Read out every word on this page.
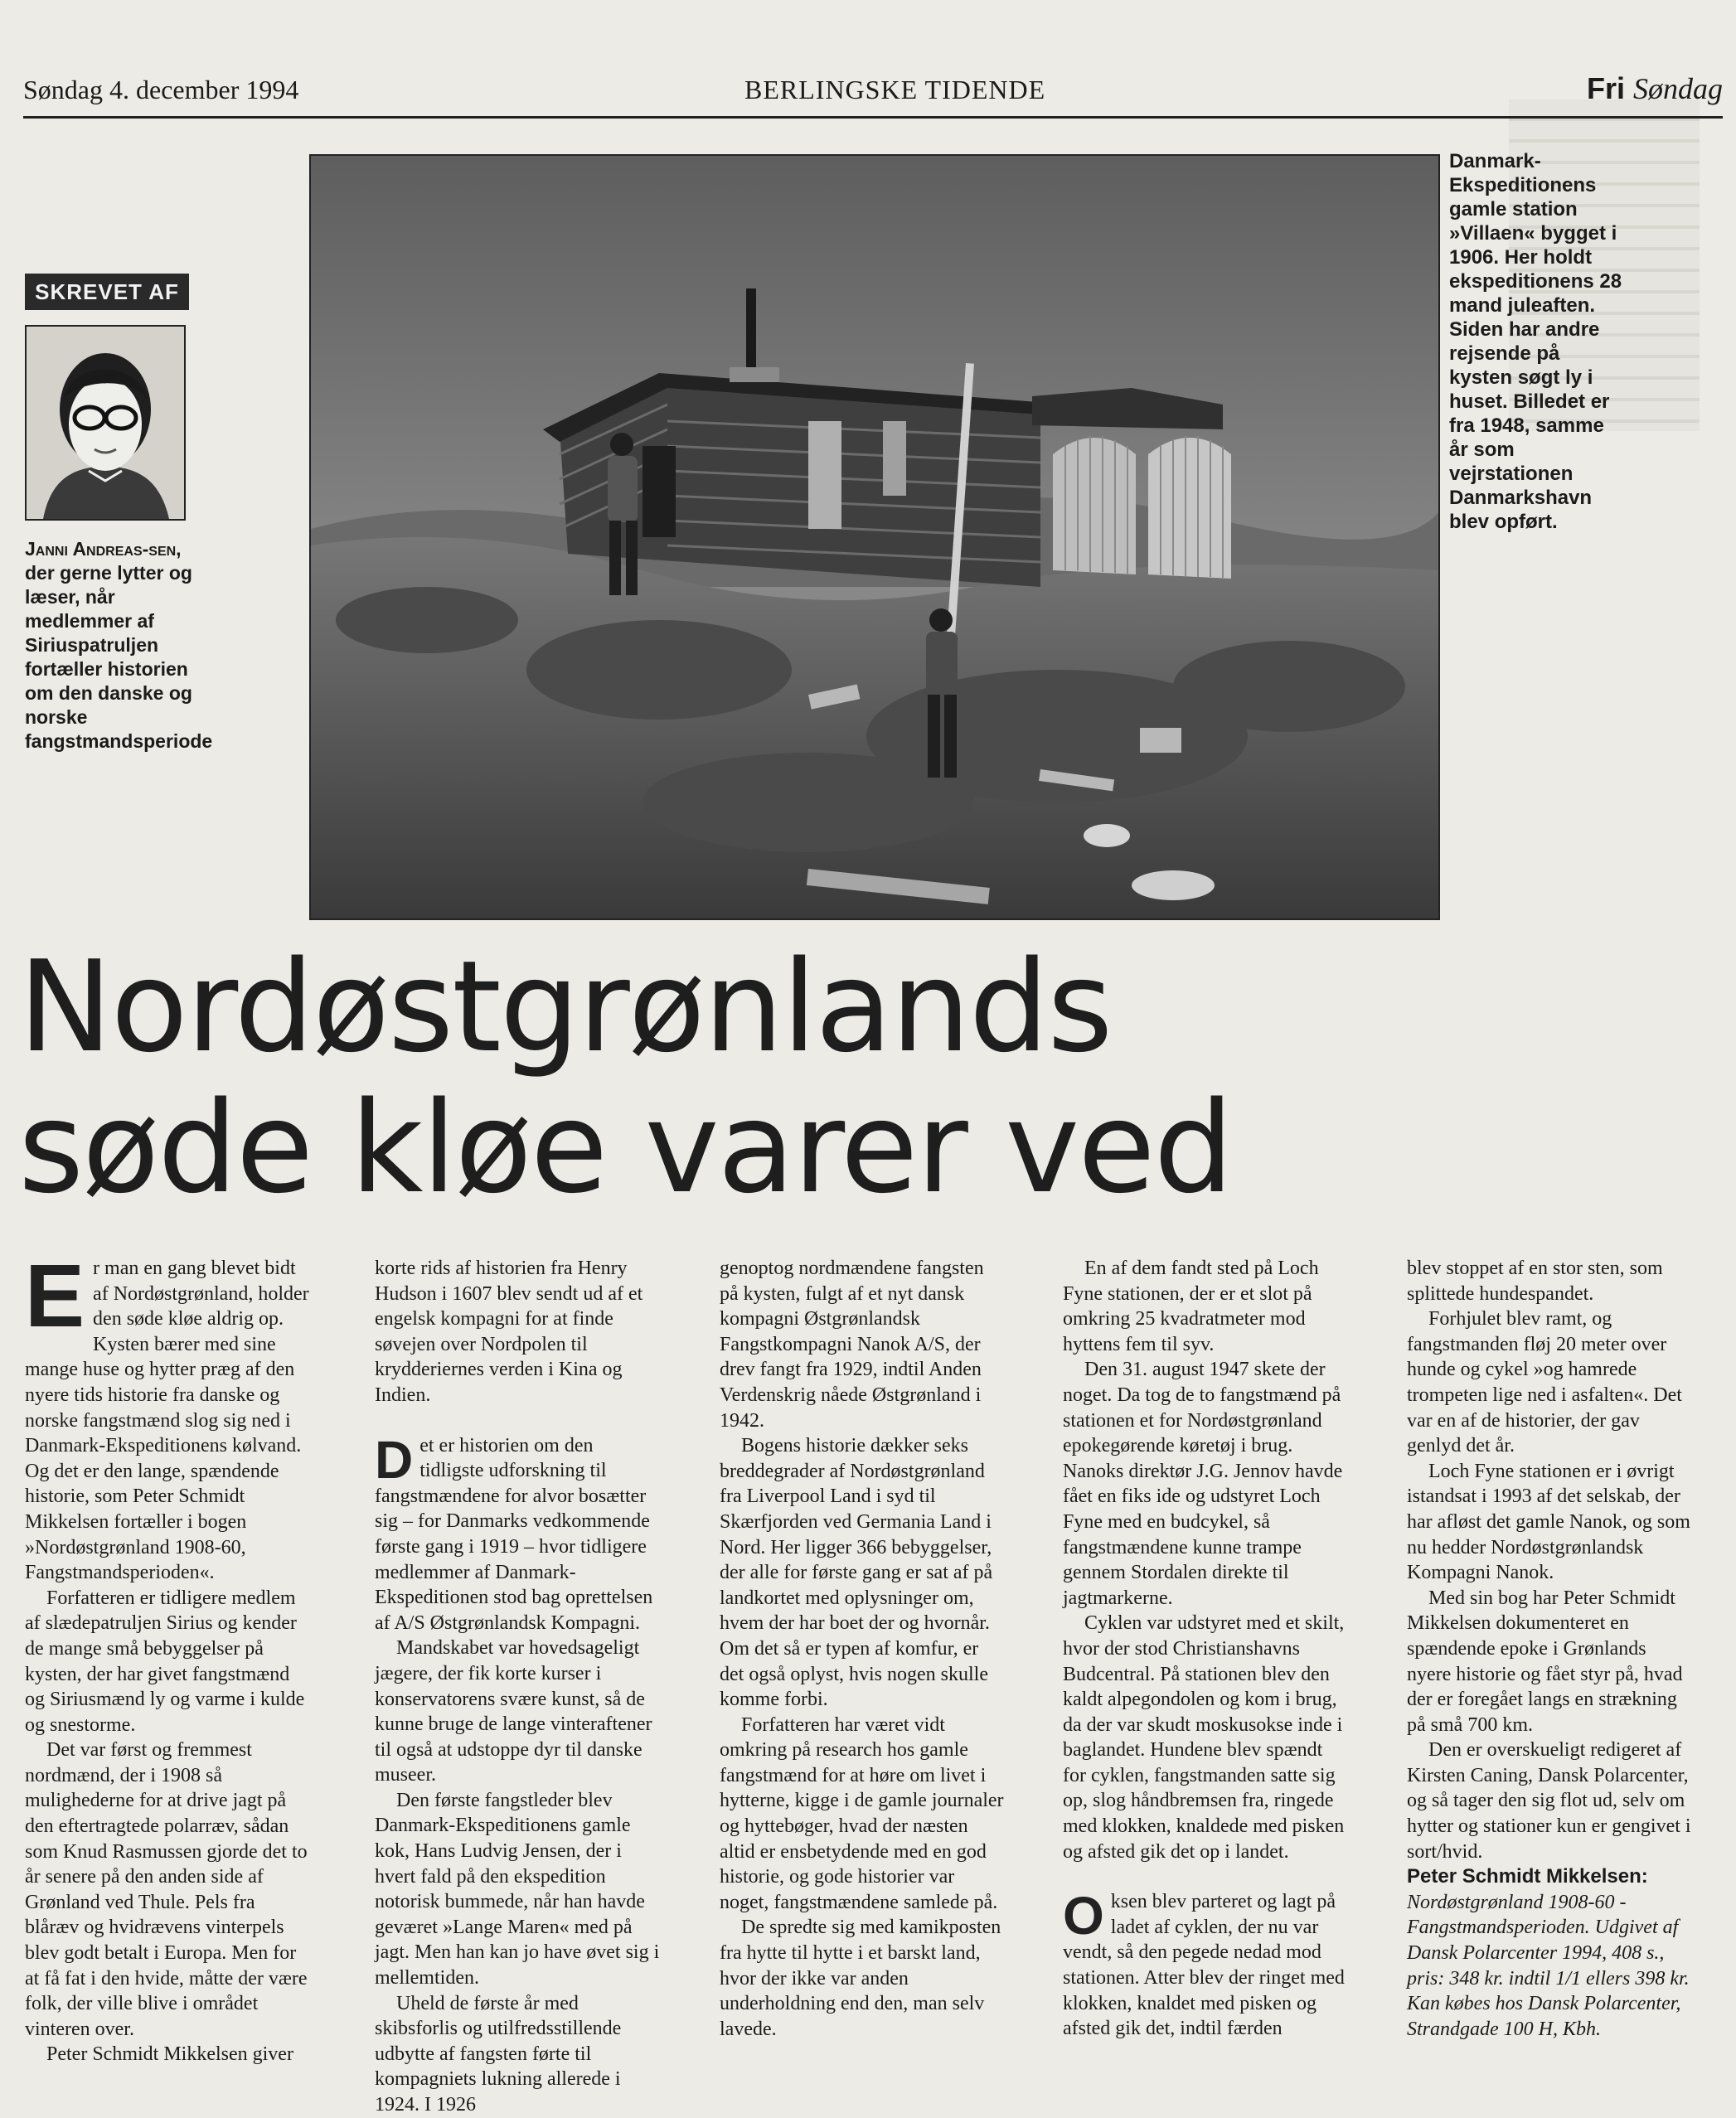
Søndag 4. december 1994	BERLINGSKE TIDENDE	Fri Søndag
SKREVET AF
Janni Andreas-sen, der gerne lytter og læser, når medlemmer af Siriuspatruljen fortæller historien om den danske og norske fangstmandsperiode
Danmark-Ekspeditionens gamle station »Villaen« bygget i 1906. Her holdt ekspeditionens 28 mand juleaften. Siden har andre rejsende på kysten søgt ly i huset. Billedet er fra 1948, samme år som vejrstationen Danmarkshavn blev opført.
Nordøstgrønlands
søde kløe varer ved

Er man en gang blevet bidt af Nordøstgrønland, holder den søde kløe aldrig op. Kysten bærer med sine mange huse og hytter præg af den nyere tids historie fra danske og norske fangstmænd slog sig ned i Danmark-Ekspeditionens kølvand. Og det er den lange, spændende historie, som Peter Schmidt Mikkelsen fortæller i bogen »Nordøstgrønland 1908-60, Fangstmandsperioden«.

Forfatteren er tidligere medlem af slædepatruljen Sirius og kender de mange små bebyggelser på kysten, der har givet fangstmænd og Siriusmænd ly og varme i kulde og snestorme.

Det var først og fremmest nordmænd, der i 1908 så mulighederne for at drive jagt på den eftertragtede polarræv, sådan som Knud Rasmussen gjorde det to år senere på den anden side af Grønland ved Thule. Pels fra blåræv og hvidrævens vinterpels blev godt betalt i Europa. Men for at få fat i den hvide, måtte der være folk, der ville blive i området vinteren over.

Peter Schmidt Mikkelsen giver

korte rids af historien fra Henry Hudson i 1607 blev sendt ud af et engelsk kompagni for at finde søvejen over Nordpolen til krydderiernes verden i Kina og Indien.

Det er historien om den tidligste udforskning til fangstmændene for alvor bosætter sig – for Danmarks vedkommende første gang i 1919 – hvor tidligere medlemmer af Danmark-Ekspeditionen stod bag oprettelsen af A/S Østgrønlandsk Kompagni.

Mandskabet var hovedsageligt jægere, der fik korte kurser i konservatorens svære kunst, så de kunne bruge de lange vinteraftener til også at udstoppe dyr til danske museer.

Den første fangstleder blev Danmark-Ekspeditionens gamle kok, Hans Ludvig Jensen, der i hvert fald på den ekspedition notorisk bummede, når han havde geværet »Lange Maren« med på jagt. Men han kan jo have øvet sig i mellemtiden.

Uheld de første år med skibsforlis og utilfredsstillende udbytte af fangsten førte til kompagniets lukning allerede i 1924. I 1926

genoptog nordmændene fangsten på kysten, fulgt af et nyt dansk kompagni Østgrønlandsk Fangstkompagni Nanok A/S, der drev fangt fra 1929, indtil Anden Verdenskrig nåede Østgrønland i 1942.

Bogens historie dækker seks breddegrader af Nordøstgrønland fra Liverpool Land i syd til Skærfjorden ved Germania Land i Nord. Her ligger 366 bebyggelser, der alle for første gang er sat af på landkortet med oplysninger om, hvem der har boet der og hvornår. Om det så er typen af komfur, er det også oplyst, hvis nogen skulle komme forbi.

Forfatteren har været vidt omkring på research hos gamle fangstmænd for at høre om livet i hytterne, kigge i de gamle journaler og hyttebøger, hvad der næsten altid er ensbetydende med en god historie, og gode historier var noget, fangstmændene samlede på.

De spredte sig med kamikposten fra hytte til hytte i et barskt land, hvor der ikke var anden underholdning end den, man selv lavede.

En af dem fandt sted på Loch Fyne stationen, der er et slot på omkring 25 kvadratmeter mod hyttens fem til syv.

Den 31. august 1947 skete der noget. Da tog de to fangstmænd på stationen et for Nordøstgrønland epokegørende køretøj i brug. Nanoks direktør J.G. Jennov havde fået en fiks ide og udstyret Loch Fyne med en budcykel, så fangstmændene kunne trampe gennem Stordalen direkte til jagtmarkerne.

Cyklen var udstyret med et skilt, hvor der stod Christianshavns Budcentral. På stationen blev den kaldt alpegondolen og kom i brug, da der var skudt moskusokse inde i baglandet. Hundene blev spændt for cyklen, fangstmanden satte sig op, slog håndbremsen fra, ringede med klokken, knaldede med pisken og afsted gik det op i landet.

Oksen blev parteret og lagt på ladet af cyklen, der nu var vendt, så den pegede nedad mod stationen. Atter blev der ringet med klokken, knaldet med pisken og afsted gik det, indtil færden

blev stoppet af en stor sten, som splittede hundespandet.

Forhjulet blev ramt, og fangstmanden fløj 20 meter over hunde og cykel »og hamrede trompeten lige ned i asfalten«. Det var en af de historier, der gav genlyd det år.

Loch Fyne stationen er i øvrigt istandsat i 1993 af det selskab, der har afløst det gamle Nanok, og som nu hedder Nordøstgrønlandsk Kompagni Nanok.

Med sin bog har Peter Schmidt Mikkelsen dokumenteret en spændende epoke i Grønlands nyere historie og fået styr på, hvad der er foregået langs en strækning på små 700 km.

Den er overskueligt redigeret af Kirsten Caning, Dansk Polarcenter, og så tager den sig flot ud, selv om hytter og stationer kun er gengivet i sort/hvid.

Peter Schmidt Mikkelsen:

Nordøstgrønland 1908-60 - Fangstmandsperioden. Udgivet af Dansk Polarcenter 1994, 408 s., pris: 348 kr. indtil 1/1 ellers 398 kr. Kan købes hos Dansk Polarcenter, Strandgade 100 H, Kbh.
